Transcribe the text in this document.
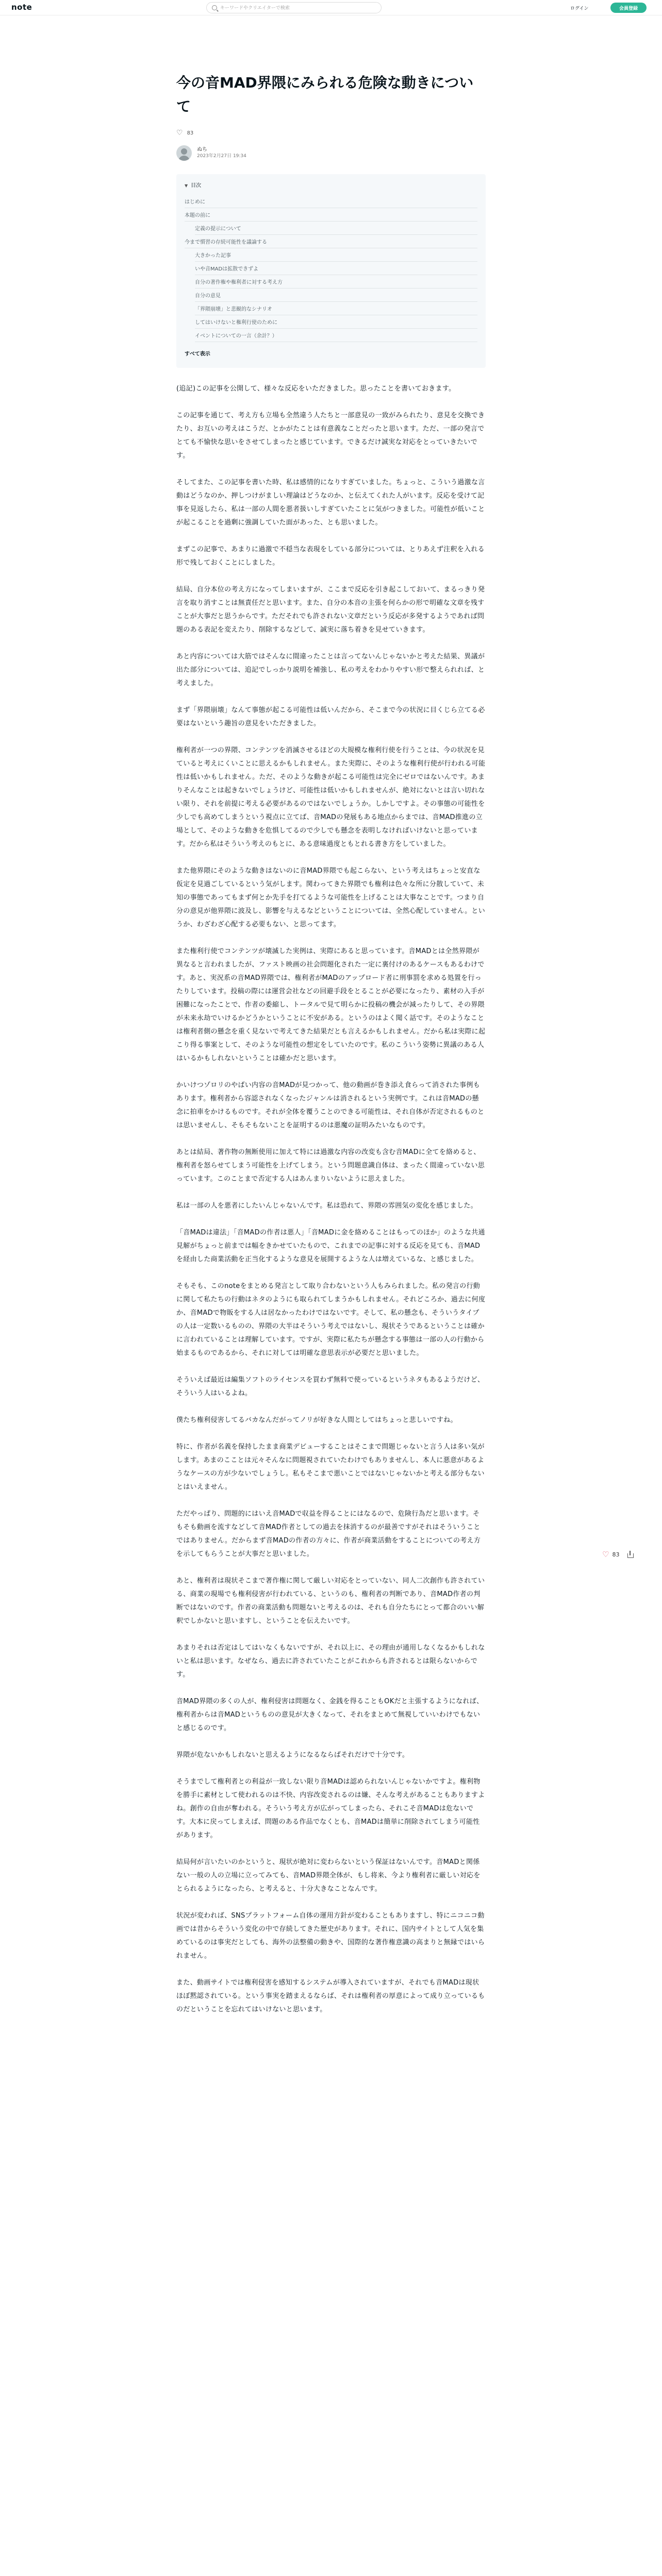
note
キーワードやクリエイターで検索	ログイン	会員登録
今の音MAD界隈にみられる危険な動きについて
♡ 83
ぬち
2023年2月27日 19:34
▼ 目次
はじめに
本題の前に
定義の提示について
今まで慣習の存続可能性を議論する
大きかった記事
いや音MADは拡散できずよ
自分の著作権や権利者に対する考え方
自分の意見
「界隈崩壊」と悲観的なシナリオ
してはいけないと権利行使のために
イベントについての一言（余計？）
すべて表示

(追記)この記事を公開して、様々な反応をいただきました。思ったことを書いておきます。

この記事を通じて、考え方も立場も全然違う人たちと一部意見の一致がみられたり、意見を交換できたり、お互いの考えはこうだ、とかがたことは有意義なことだったと思います。ただ、一部の発言でとても不愉快な思いをさせてしまったと感じています。できるだけ誠実な対応をとっていきたいです。

そしてまた、この記事を書いた時、私は感情的になりすぎていました。ちょっと、こういう過激な言動はどうなのか、押しつけがましい理論はどうなのか、と伝えてくれた人がいます。反応を受けて記事を見返したら、私は一部の人間を悪者扱いしすぎていたことに気がつきました。可能性が低いことが起こることを過剰に強調していた面があった、とも思いました。

まずこの記事で、あまりに過激で不穏当な表現をしている部分については、とりあえず注釈を入れる形で残しておくことにしました。

結局、自分本位の考え方になってしまいますが、ここまで反応を引き起こしておいて、まるっきり発言を取り消すことは無責任だと思います。また、自分の本音の主張を何らかの形で明確な文章を残すことが大事だと思うからです。ただそれでも許されない文章だという反応が多発するようであれば問題のある表記を変えたり、削除するなどして、誠実に落ち着きを見せていきます。

あと内容については大筋ではそんなに間違ったことは言ってないんじゃないかと考えた結果、異議が出た部分については、追記でしっかり説明を補強し、私の考えをわかりやすい形で整えられれば、と考えました。

まず「界隈崩壊」なんて事態が起こる可能性は低いんだから、そこまで今の状況に目くじら立てる必要はないという趣旨の意見をいただきました。

権利者が一つの界隈、コンテンツを消滅させるほどの大規模な権利行使を行うことは、今の状況を見ていると考えにくいことに思えるかもしれません。また実際に、そのような権利行使が行われる可能性は低いかもしれません。ただ、そのような動きが起こる可能性は完全にゼロではないんです。あまりそんなことは起きないでしょうけど、可能性は低いかもしれませんが、絶対にないとは言い切れない限り、それを前提に考える必要があるのではないでしょうか。しかしですよ。その事態の可能性を少しでも高めてしまうという視点に立てば、音MADの発展もある地点からまでは、音MAD推進の立場として、そのような動きを危惧してるので少しでも懸念を表明しなければいけないと思っています。だから私はそういう考えのもとに、ある意味過度ともとれる書き方をしていました。

また他界隈にそのような動きはないのに音MAD界隈でも起こらない、という考えはちょっと安直な仮定を見過ごしているという気がします。関わってきた界隈でも権利は色々な所に分散していて、未知の事態であってもまず何とか先手を打てるような可能性を上げることは大事なことです。つまり自分の意見が他界隈に波及し、影響を与えるなどということについては、全然心配していません。というか、わざわざ心配する必要もない、と思ってます。

また権利行使でコンテンツが壊滅した実例は、実際にあると思っています。音MADとは全然界隈が異なると言われましたが、ファスト映画の社会問題化された一定に裏付けのあるケースもあるわけです。あと、実況系の音MAD界隈では、権利者がMADのアップロード者に刑事罰を求める処置を行ったりしています。投稿の際には運営会社などの回避手段をとることが必要になったり、素材の入手が困難になったことで、作者の委縮し、トータルで見て明らかに投稿の機会が減ったりして、その界隈が未来永劫でいけるかどうかということに不安がある。というのはよく聞く話です。そのようなことは権利者側の懸念を重く見ないで考えてきた結果だとも言えるかもしれません。だから私は実際に起こり得る事案として、そのような可能性の想定をしていたのです。私のこういう姿勢に異議のある人はいるかもしれないということは確かだと思います。

かいけつゾロリのやばい内容の音MADが見つかって、他の動画が巻き添え食らって消された事例もあります。権利者から容認されなくなったジャンルは消されるという実例です。これは音MADの懸念に拍車をかけるものです。それが全体を覆うことのできる可能性は、それ自体が否定されるものとは思いませんし、そもそもないことを証明するのは悪魔の証明みたいなものです。

あとは結局、著作物の無断使用に加えて特には過激な内容の改変も含む音MADに全てを絡めると、権利者を怒らせてしまう可能性を上げてしまう。という問題意識自体は、まったく間違っていない思っています。このことまで否定する人はあんまりいないように思えました。

私は一部の人を悪者にしたいんじゃないんです。私は恐れて、界隈の雰囲気の変化を感じました。

「音MADは違法」「音MADの作者は悪人」「音MADに金を絡めることはもってのほか」のような共通見解がちょっと前までは幅をきかせていたもので、これまでの記事に対する反応を見ても、音MADを経由した商業活動を正当化するような意見を展開するような人は増えているな、と感じました。

そもそも、このnoteをまとめる発言として取り合わないという人もみられました。私の発言の行動に関して私たちの行動はネタのようにも取られてしまうかもしれません。それどころか、過去に何度か、音MADで物販をする人は居なかったわけではないです。そして、私の懸念も、そういうタイプの人は一定数いるものの、界隈の大半はそういう考えではないし、現状そうであるということは確かに言われていることは理解しています。ですが、実際に私たちが懸念する事態は一部の人の行動から始まるものであるから、それに対しては明確な意思表示が必要だと思いました。

そういえば最近は編集ソフトのライセンスを買わず無料で使っているというネタもあるようだけど、そういう人はいるよね。

僕たち権利侵害してるバカなんだがってノリが好きな人間としてはちょっと悲しいですね。

特に、作者が名義を保持したまま商業デビューすることはそこまで問題じゃないと言う人は多い気がします。あまのこことは元々そんなに問題視されていたわけでもありませんし、本人に悪意があるようなケースの方が少ないでしょうし。私もそこまで悪いことではないじゃないかと考える部分もないとはいえません。

ただやっぱり、問題的にはいえ音MADで収益を得ることにはなるので、危険行為だと思います。そもそも動画を流すなどして音MAD作者としての過去を抹消するのが最善ですがそれはそういうことではありません。だからまず音MADの作者の方々に、作者が商業活動をすることについての考え方を示してもらうことが大事だと思いました。

あと、権利者は現状そこまで著作権に関して厳しい対応をとっていない、同人二次創作も許されている、商業の現場でも権利侵害が行われている、というのも、権利者の判断であり、音MAD作者の判断ではないのです。作者の商業活動も問題ないと考えるのは、それも自分たちにとって都合のいい解釈でしかないと思いますし、ということを伝えたいです。

あまりそれは否定はしてはいなくもないですが、それ以上に、その理由が通用しなくなるかもしれないと私は思います。なぜなら、過去に許されていたことがこれからも許されるとは限らないからです。

音MAD界隈の多くの人が、権利侵害は問題なく、金銭を得ることもOKだと主張するようになれば、権利者からは音MADというものの意見が大きくなって、それをまとめて無視していいわけでもないと感じるのです。

界隈が危ないかもしれないと思えるようになるならばそれだけで十分です。

そうまでして権利者との利益が一致しない限り音MADは認められないんじゃないかですよ。権利物を勝手に素材として使われるのは不快、内容改変されるのは嫌、そんな考えがあることもありますよね。創作の自由が奪われる。そういう考え方が広がってしまったら、それこそ音MADは危ないです。大本に戻ってしまえば、問題のある作品でなくとも、音MADは簡単に削除されてしまう可能性があります。

結局何が言いたいのかというと、現状が絶対に変わらないという保証はないんです。音MADと関係ない一般の人の立場に立ってみても、音MAD界隈全体が、もし将来、今より権利者に厳しい対応をとられるようになったら、と考えると、十分大きなことなんです。

状況が変われば、SNSプラットフォーム自体の運用方針が変わることもありますし、特にニコニコ動画では昔からそういう変化の中で存続してきた歴史があります。それに、国内サイトとして人気を集めているのは事実だとしても、海外の法整備の動きや、国際的な著作権意識の高まりと無縁ではいられません。

また、動画サイトでは権利侵害を感知するシステムが導入されていますが、それでも音MADは現状ほぼ黙認されている。という事実を踏まえるならば、それは権利者の厚意によって成り立っているものだということを忘れてはいけないと思います。

♡ 83
